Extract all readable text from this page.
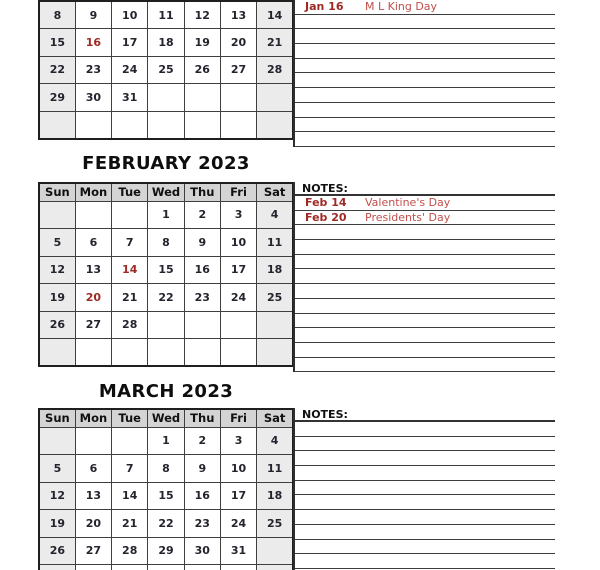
8	9	10	11	12	13	14
15	16	17	18	19	20	21
22	23	24	25	26	27	28
29	30	31				

Jan 16 M L King Day
FEBRUARY 2023
Sun	Mon	Tue	Wed	Thu	Fri	Sat
			1	2	3	4
5	6	7	8	9	10	11
12	13	14	15	16	17	18
19	20	21	22	23	24	25
26	27	28				

NOTES:
Feb 14 Valentine's Day
Feb 20 Presidents' Day
MARCH 2023
Sun	Mon	Tue	Wed	Thu	Fri	Sat
			1	2	3	4
5	6	7	8	9	10	11
12	13	14	15	16	17	18
19	20	21	22	23	24	25
26	27	28	29	30	31	

NOTES:
